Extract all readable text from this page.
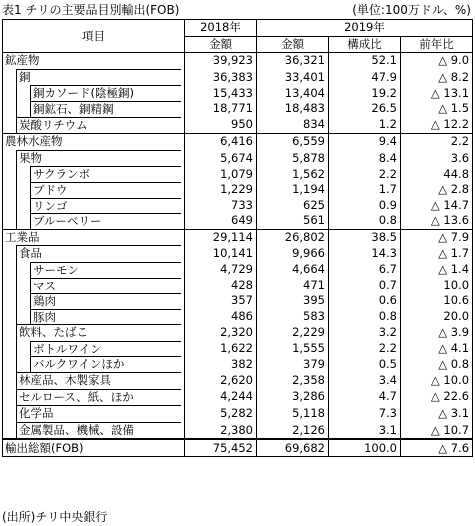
表1 チリの主要品目別輸出(FOB)	(単位:100万ドル、%)
項目	2018年	2019年		
	金額	金額	構成比	前年比
鉱産物	39,923	36,321	52.1	△ 9.0

銅	36,383	33,401	47.9	△ 8.2

銅カソード(陰極銅)	15,433	13,404	19.2	△ 13.1

銅鉱石、銅精鋼	18,771	18,483	26.5	△ 1.5

炭酸リチウム	950	834	1.2	△ 12.2
農林水産物	6,416	6,559	9.4	2.2

果物	5,674	5,878	8.4	3.6

サクランボ	1,079	1,562	2.2	44.8

ブドウ	1,229	1,194	1.7	△ 2.8

リンゴ	733	625	0.9	△ 14.7

ブルーベリー	649	561	0.8	△ 13.6
工業品	29,114	26,802	38.5	△ 7.9

食品	10,141	9,966	14.3	△ 1.7

サーモン	4,729	4,664	6.7	△ 1.4

マス	428	471	0.7	10.0

鶏肉	357	395	0.6	10.6

豚肉	486	583	0.8	20.0

飲料、たばこ	2,320	2,229	3.2	△ 3.9

ボトルワイン	1,622	1,555	2.2	△ 4.1

バルクワインほか	382	379	0.5	△ 0.8

林産品、木製家具	2,620	2,358	3.4	△ 10.0

セルロース、紙、ほか	4,244	3,286	4.7	△ 22.6

化学品	5,282	5,118	7.3	△ 3.1

金属製品、機械、設備	2,380	2,126	3.1	△ 10.7
輸出総額(FOB)	75,452	69,682	100.0	△ 7.6
(出所)チリ中央銀行
